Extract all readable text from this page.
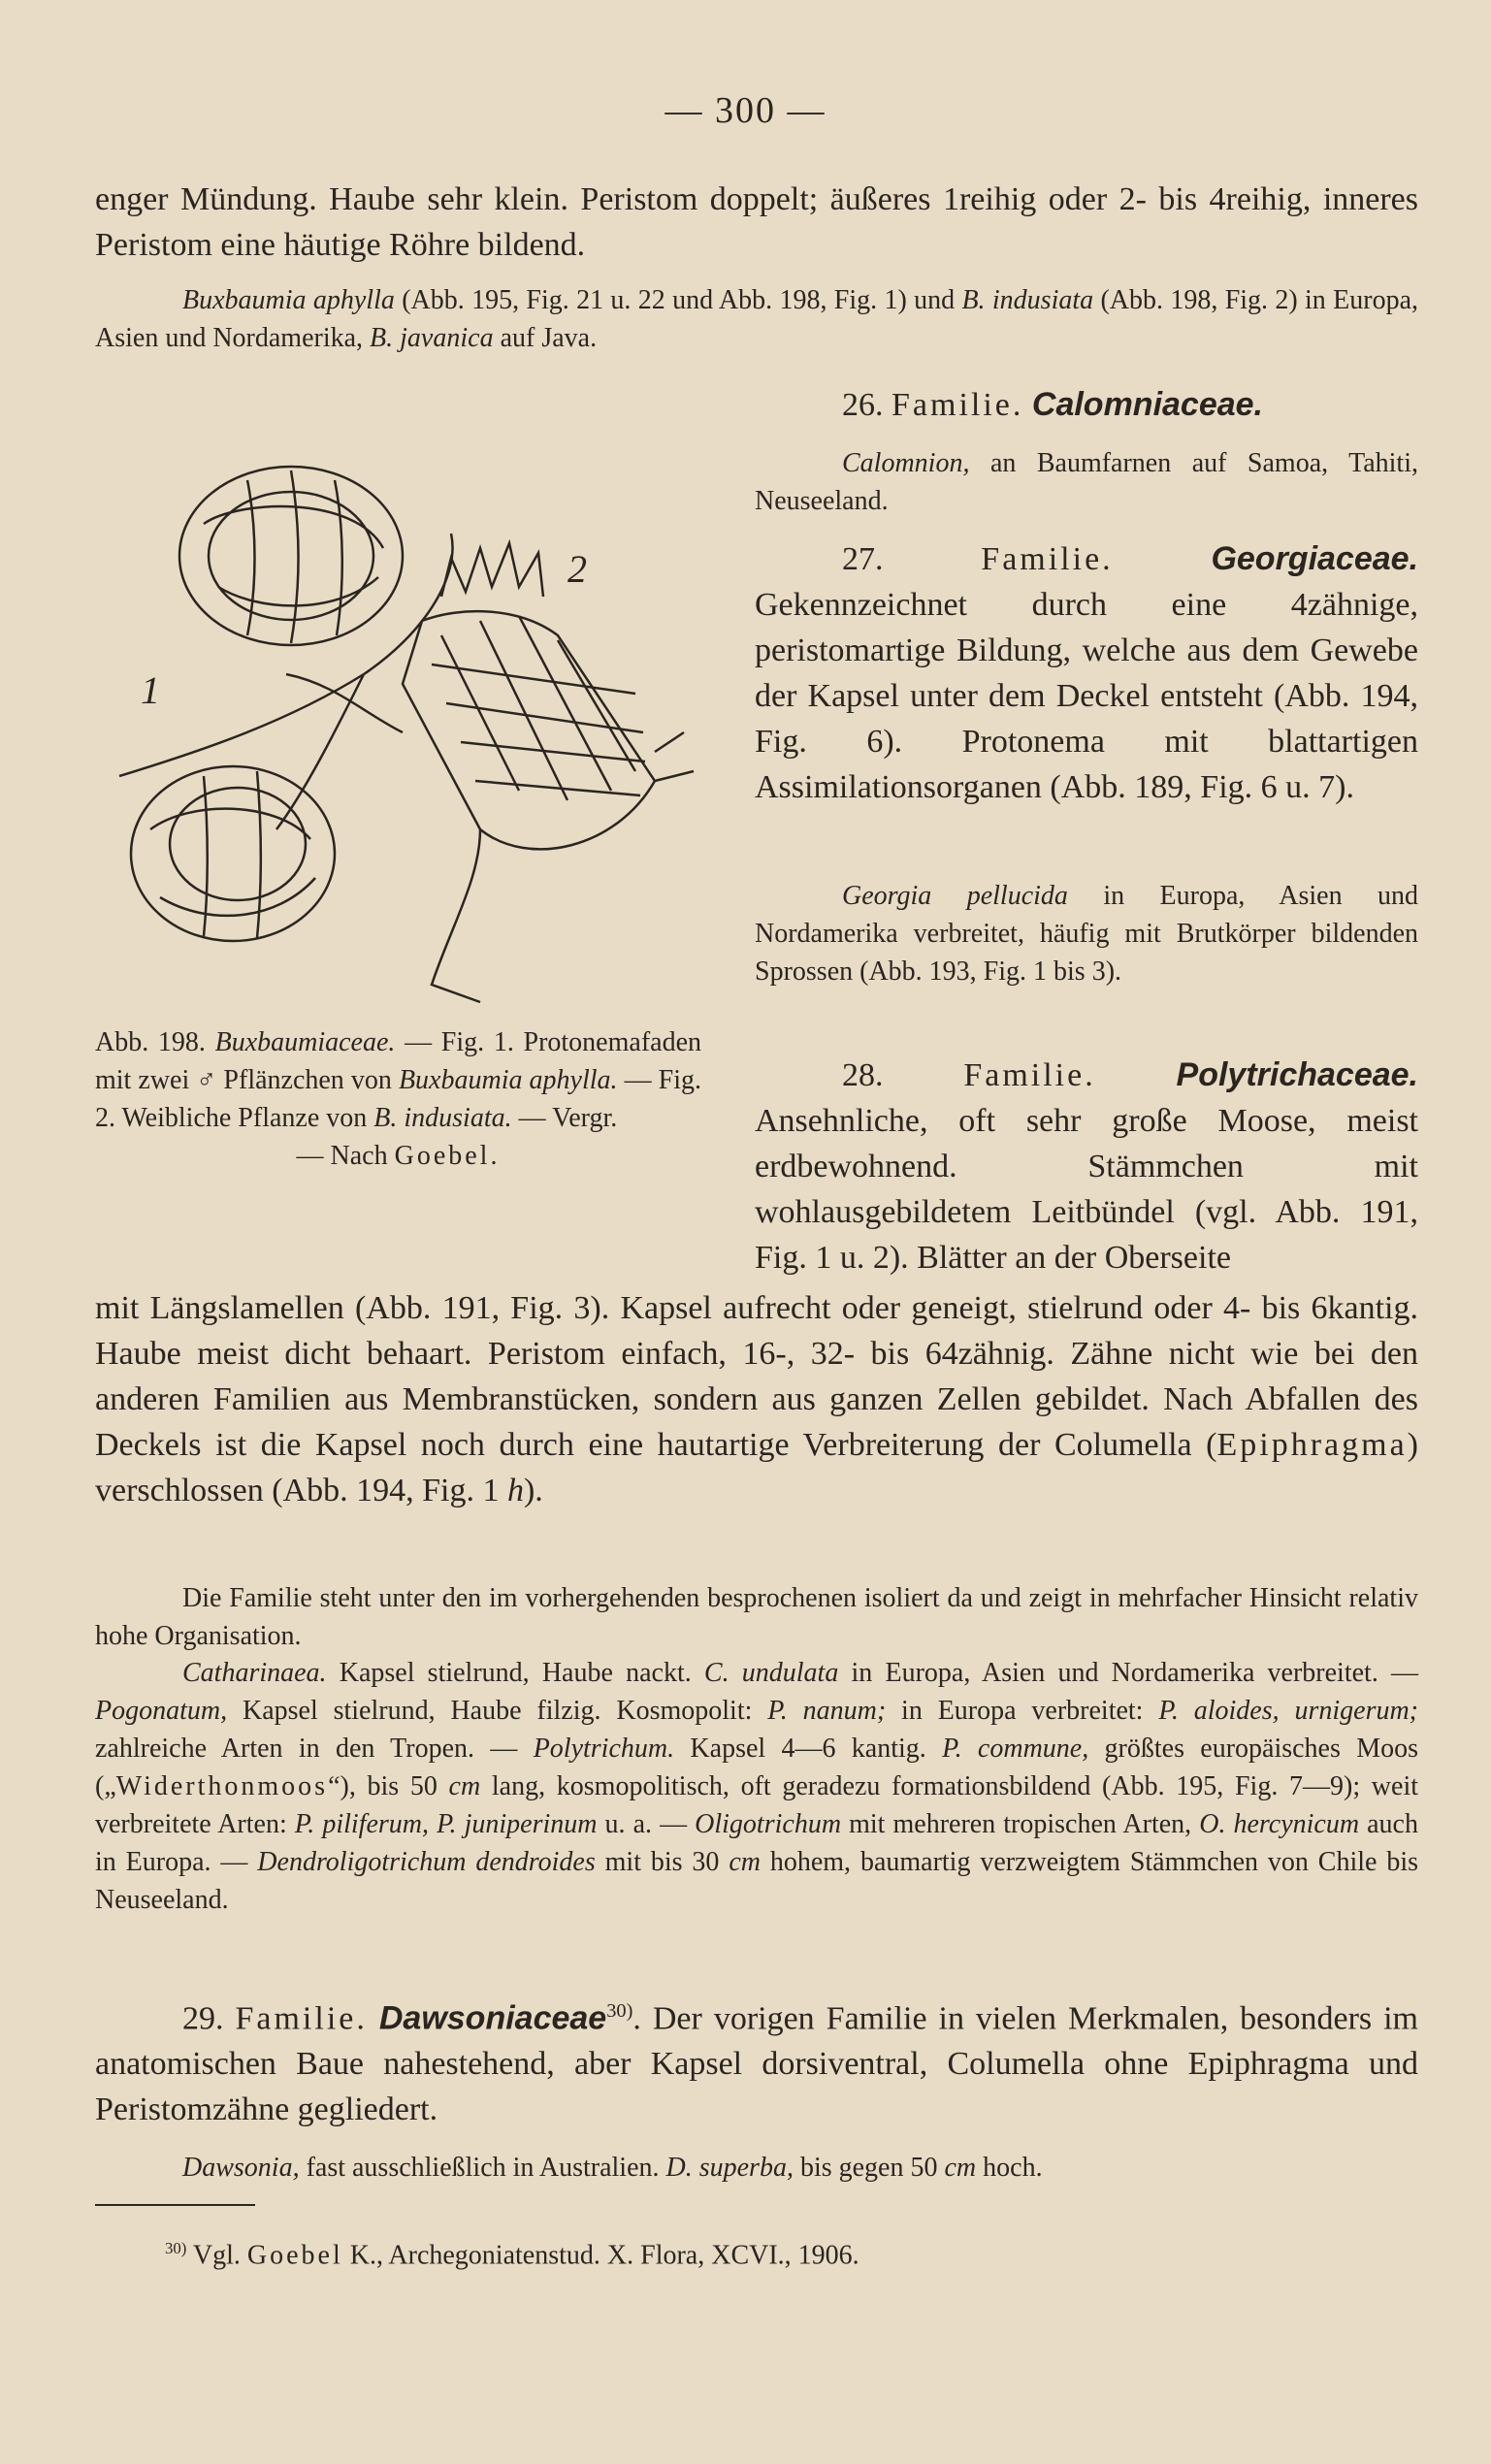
— 300 —

enger Mündung. Haube sehr klein. Peristom doppelt; äußeres 1reihig oder 2- bis 4reihig, inneres Peristom eine häutige Röhre bildend.

Buxbaumia aphylla (Abb. 195, Fig. 21 u. 22 und Abb. 198, Fig. 1) und B. indusiata (Abb. 198, Fig. 2) in Europa, Asien und Nordamerika, B. javanica auf Java.

26. Familie. Calomniaceae.

Calomnion, an Baumfarnen auf Samoa, Tahiti, Neuseeland.

27. Familie.	Georgiaceae. Gekennzeichnet durch eine 4zähnige, peristomartige Bildung, welche aus dem Gewebe der Kapsel unter dem Deckel entsteht (Abb. 194, Fig. 6). Protonema mit blattartigen Assimilationsorganen (Abb. 189, Fig. 6 u. 7).

Georgia pellucida in Europa, Asien und Nordamerika verbreitet, häufig mit Brutkörper bildenden Sprossen (Abb. 193, Fig. 1 bis 3).

1
2
Abb. 198. Buxbaumiaceae. — Fig. 1. Protonemafaden mit zwei ♂ Pflänzchen von Buxbaumia aphylla. — Fig. 2. Weibliche Pflanze von B. indusiata. — Vergr.
— Nach Goebel.

28. Familie. Polytrichaceae. Ansehnliche, oft sehr große Moose, meist erdbewohnend. Stämmchen mit wohlausgebildetem Leitbündel (vgl. Abb. 191, Fig. 1 u. 2). Blätter an der Oberseite

mit Längslamellen (Abb. 191, Fig. 3). Kapsel aufrecht oder geneigt, stielrund oder 4- bis 6kantig. Haube meist dicht behaart. Peristom einfach, 16-, 32- bis 64zähnig. Zähne nicht wie bei den anderen Familien aus Membranstücken, sondern aus ganzen Zellen gebildet. Nach Abfallen des Deckels ist die Kapsel noch durch eine hautartige Verbreiterung der Columella (Epiphragma) verschlossen (Abb. 194, Fig. 1 h).

Die Familie steht unter den im vorhergehenden besprochenen isoliert da und zeigt in mehrfacher Hinsicht relativ hohe Organisation.

Catharinaea. Kapsel stielrund, Haube nackt. C. undulata in Europa, Asien und Nordamerika verbreitet. — Pogonatum, Kapsel stielrund, Haube filzig. Kosmopolit: P. nanum; in Europa verbreitet: P. aloides, urnigerum; zahlreiche Arten in den Tropen. — Polytrichum. Kapsel 4—6 kantig. P. commune, größtes europäisches Moos („Widerthonmoos“), bis 50 cm lang, kosmopolitisch, oft geradezu formationsbildend (Abb. 195, Fig. 7—9); weit verbreitete Arten: P. piliferum, P. juniperinum u. a. — Oligotrichum mit mehreren tropischen Arten, O. hercynicum auch in Europa. — Dendroligotrichum dendroides mit bis 30 cm hohem, baumartig verzweigtem Stämmchen von Chile bis Neuseeland.

29. Familie. Dawsoniaceae$^{30)}$. Der vorigen Familie in vielen Merkmalen, besonders im anatomischen Baue nahestehend, aber Kapsel dorsiventral, Columella ohne Epiphragma und Peristomzähne gegliedert.

Dawsonia, fast ausschließlich in Australien. D. superba, bis gegen 50 cm hoch.

$^{30)}$ Vgl. Goebel K., Archegoniatenstud. X. Flora, XCVI., 1906.
